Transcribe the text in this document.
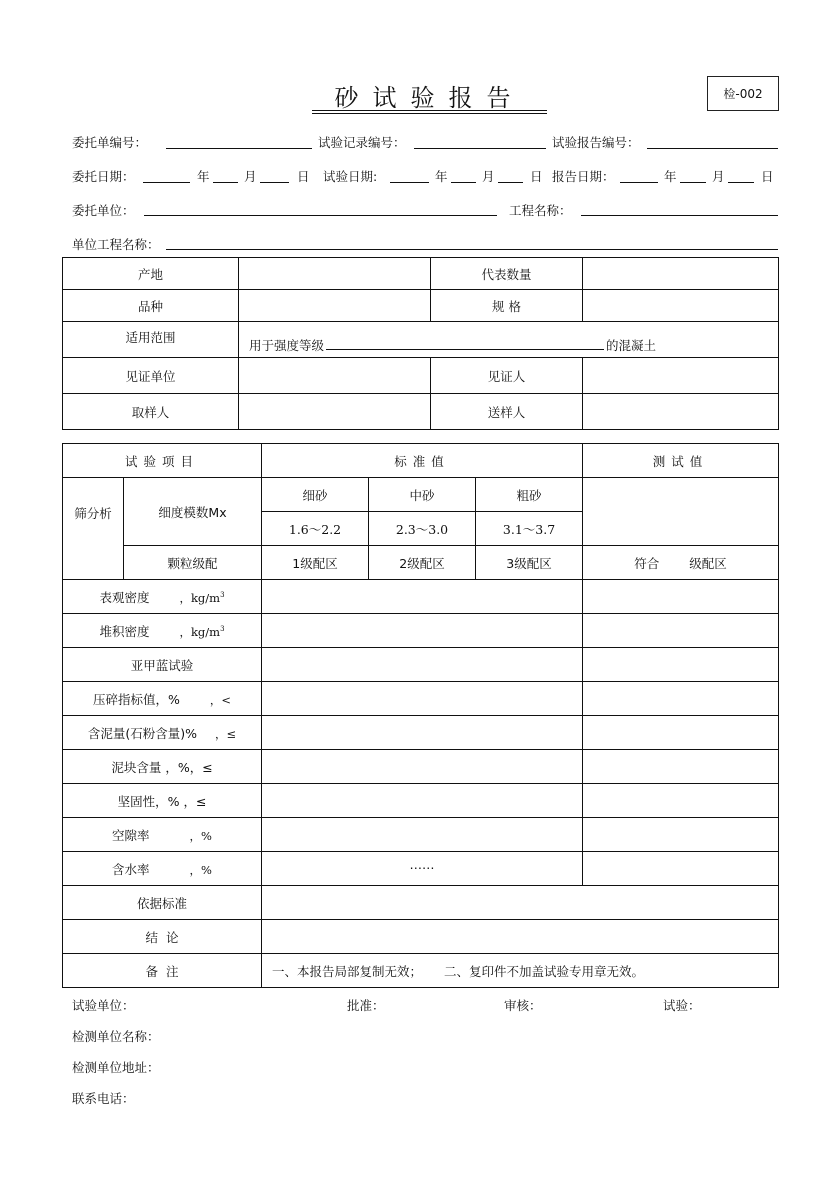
砂试验报告	检-002
委托单编号：	试验记录编号：	试验报告编号：
委托日期：	年	月	日 试验日期:	年	月	日 报告日期：	年	月	日
委托单位：	工程名称：
单位工程名称：
产地		代表数量	
品种		规 格	
适用范围	用于强度等级 的混凝土		
见证单位		见证人	
取样人		送样人	
试验项目		标准值			测试值
筛分析	细度模数Mx	细砂	中砂	粗砂	
		1.6～2.2	2.3～3.0	3.1～3.7	
	颗粒级配	1级配区	2级配区	3级配区	符合 级配区
表观密度 ，$kg/m^3$		
堆积密度 ，$kg/m^3$		
亚甲蓝试验					
压碎指标值，% ，<					
含泥量(石粉含量)% ，≤					
泥块含量 ，%，≤					
坚固性，% ，≤					
空隙率 ，%					
含水率 ，%		……			
依据标准					
结  论					
备  注		一、本报告局部复制无效； 二、复印件不加盖试验专用章无效。			
试验单位：	批准：	审核：	试验：
检测单位名称：
检测单位地址：
联系电话：
